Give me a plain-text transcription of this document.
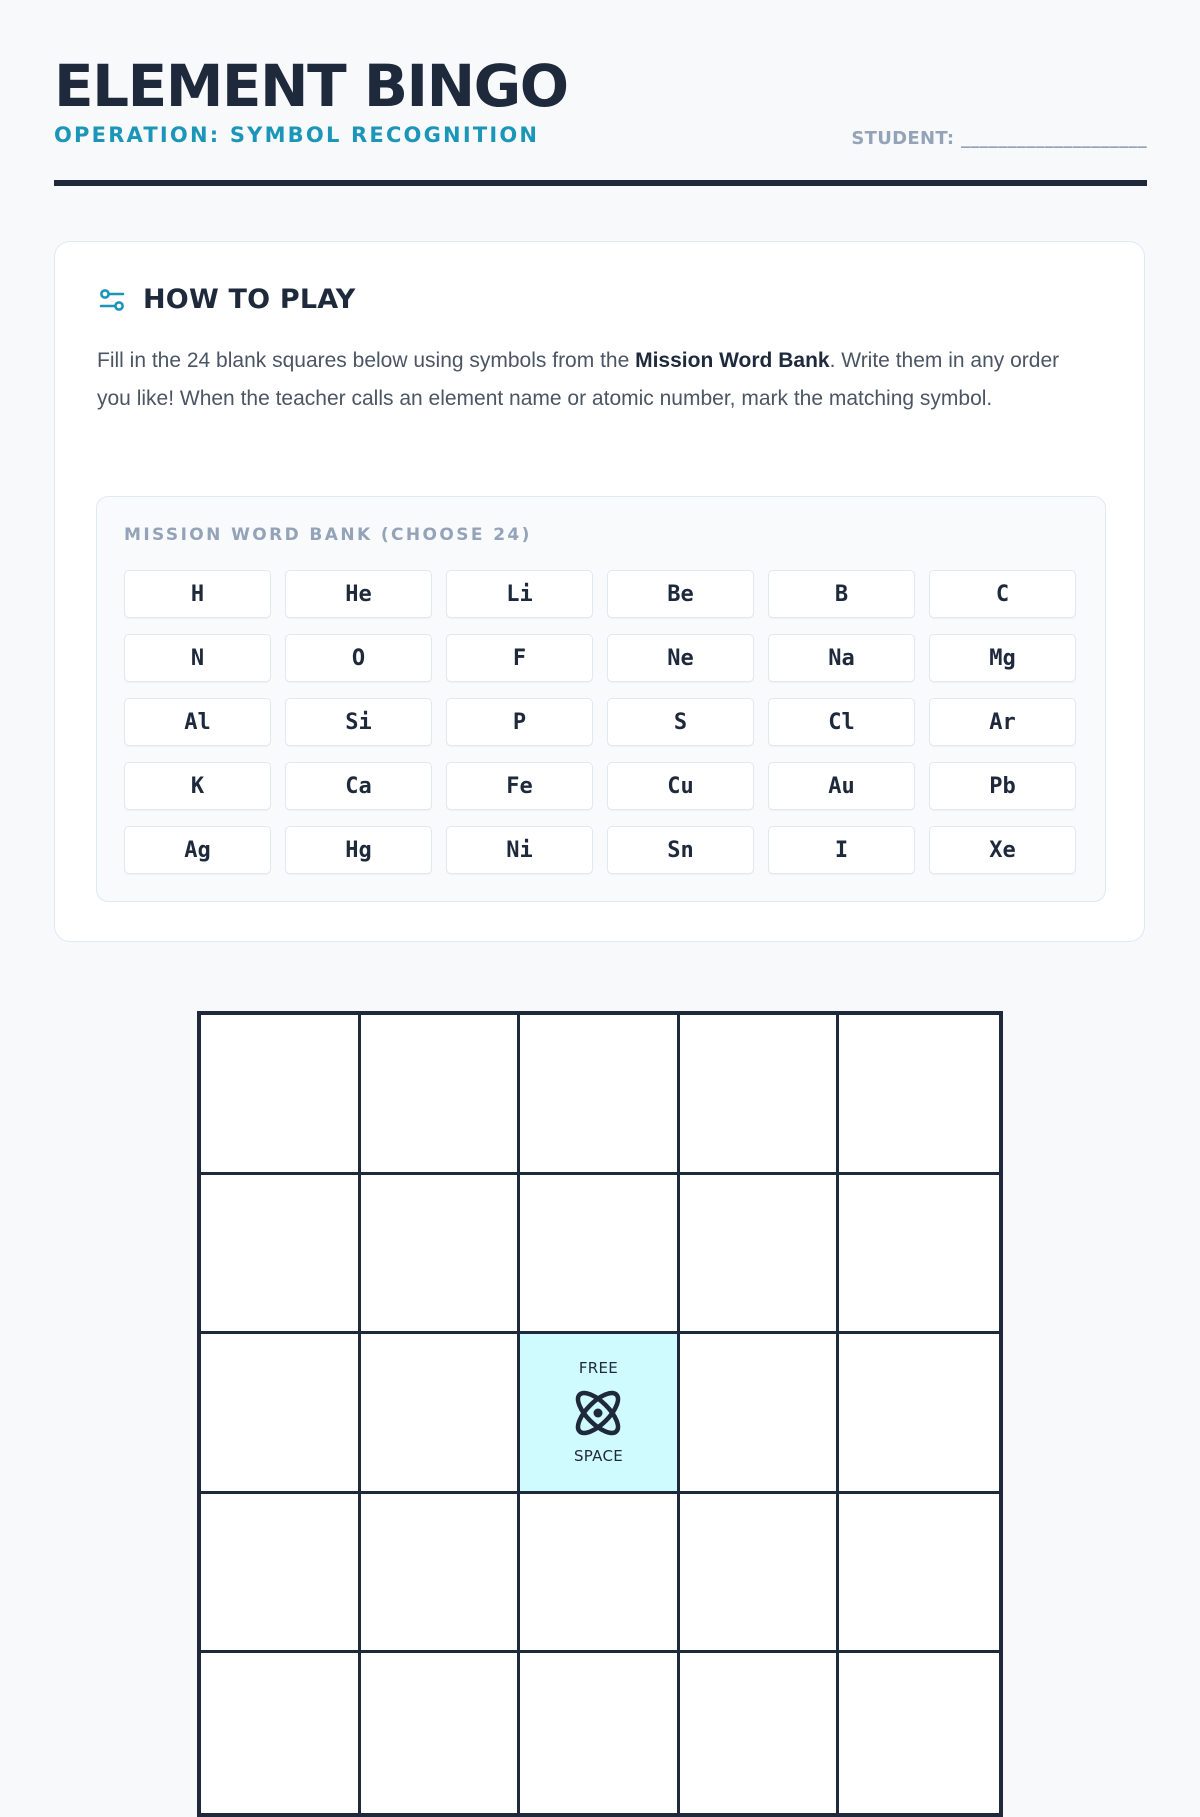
ELEMENT BINGO
OPERATION: SYMBOL RECOGNITION	STUDENT: ____________________
HOW TO PLAY

Fill in the 24 blank squares below using symbols from the Mission Word Bank. Write them in any order you like! When the teacher calls an element name or atomic number, mark the matching symbol.

MISSION WORD BANK (CHOOSE 24)
H	He	Li	Be	B	C
N	O	F	Ne	Na	Mg
Al	Si	P	S	Cl	Ar
K	Ca	Fe	Cu	Au	Pb
Ag	Hg	Ni	Sn	I	Xe
FREE
SPACE
